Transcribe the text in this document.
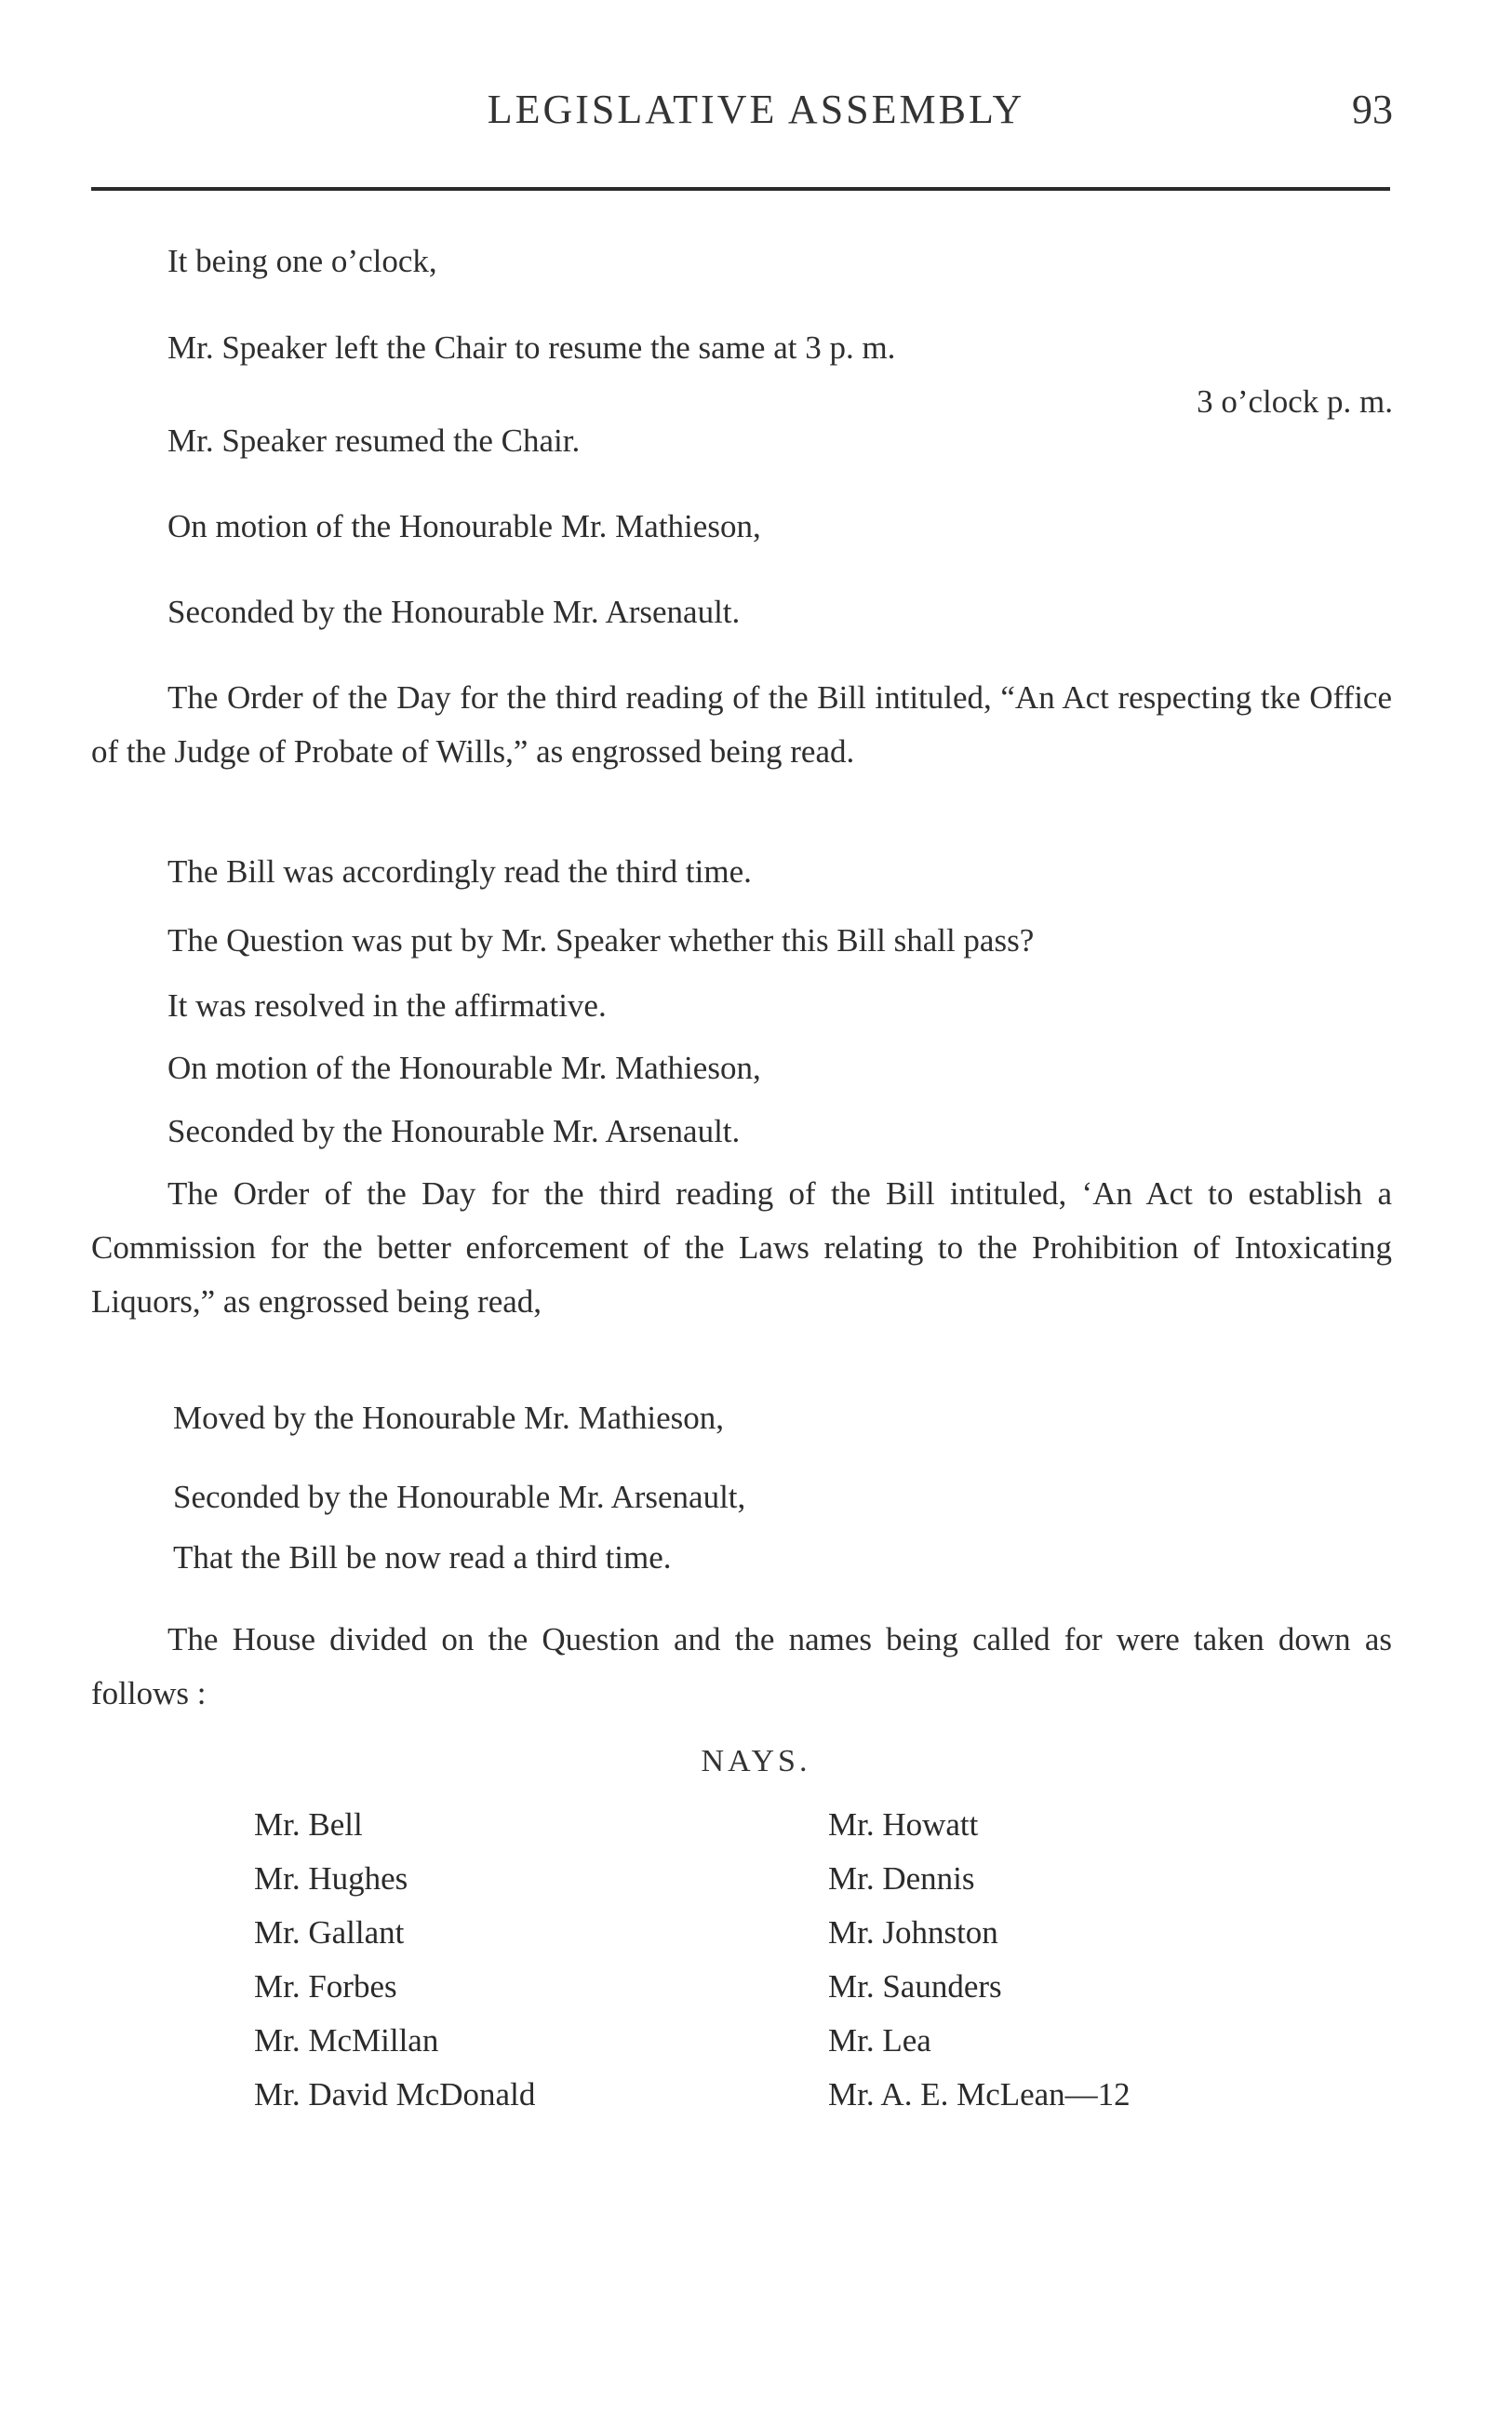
LEGISLATIVE ASSEMBLY	93
It being one o’clock,
Mr. Speaker left the Chair to resume the same at 3 p. m.
3 o’clock p. m.
Mr. Speaker resumed the Chair.
On motion of the Honourable Mr. Mathieson,
Seconded by the Honourable Mr. Arsenault.
The Order of the Day for the third reading of the Bill intituled, “An Act respecting tke Office of the Judge of Probate of Wills,” as engrossed being read.
The Bill was accordingly read the third time.
The Question was put by Mr. Speaker whether this Bill shall pass?
It was resolved in the affirmative.
On motion of the Honourable Mr. Mathieson,
Seconded by the Honourable Mr. Arsenault.
The Order of the Day for the third reading of the Bill intituled, ‘An Act to establish a Commission for the better enforcement of the Laws relating to the Prohibition of Intoxicating Liquors,” as engrossed being read,
Moved by the Honourable Mr. Mathieson,
Seconded by the Honourable Mr. Arsenault,
That the Bill be now read a third time.
The House divided on the Question and the names being called for were taken down as follows :
NAYS.
Mr. Bell
Mr. Hughes
Mr. Gallant
Mr. Forbes
Mr. McMillan
Mr. David McDonald
Mr. Howatt
Mr. Dennis
Mr. Johnston
Mr. Saunders
Mr. Lea
Mr. A. E. McLean—12
